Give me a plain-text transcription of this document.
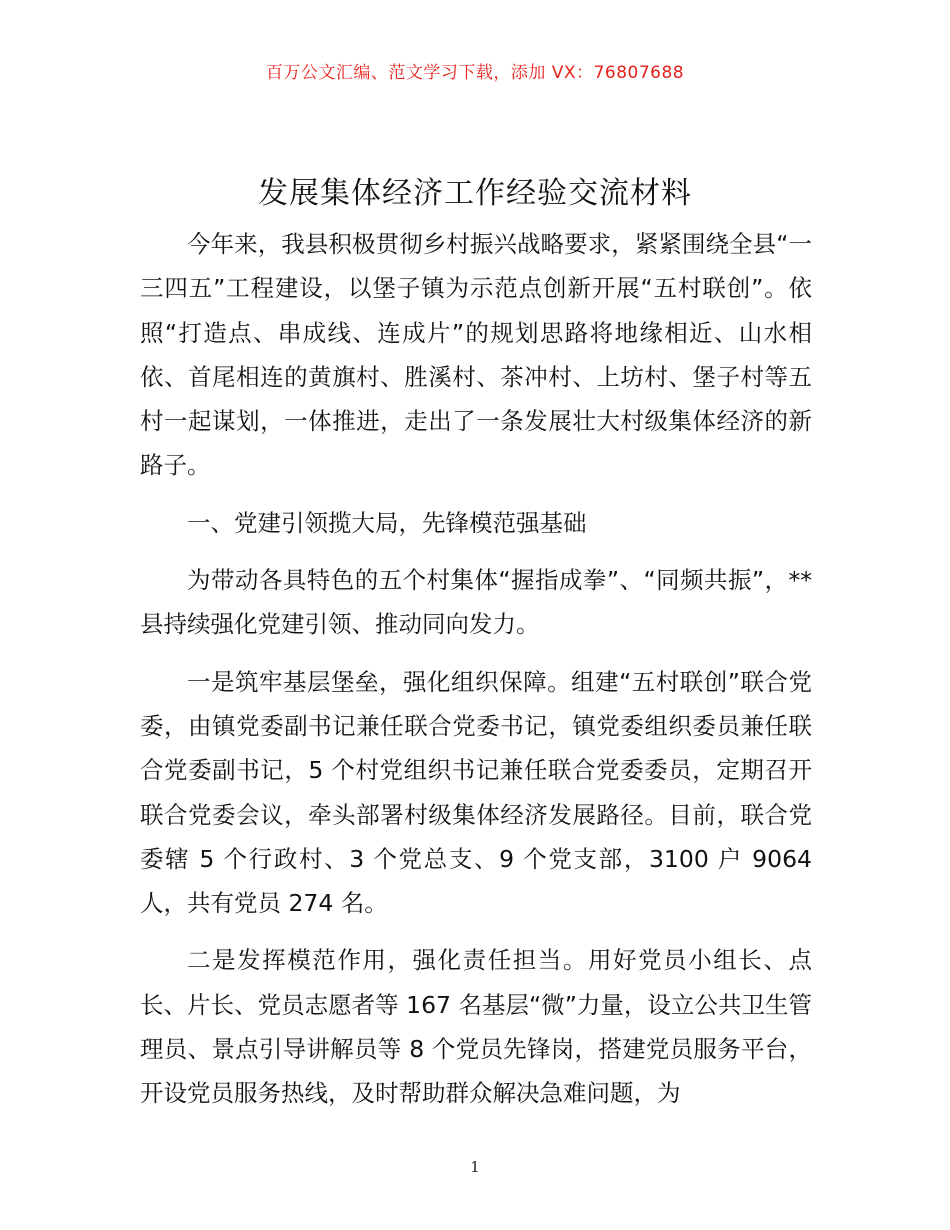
百万公文汇编、范文学习下载，添加 VX：76807688
发展集体经济工作经验交流材料

今年来，我县积极贯彻乡村振兴战略要求，紧紧围绕全县“一三四五”工程建设，以堡子镇为示范点创新开展“五村联创”。依照“打造点、串成线、连成片”的规划思路将地缘相近、山水相依、首尾相连的黄旗村、胜溪村、茶冲村、上坊村、堡子村等五村一起谋划，一体推进，走出了一条发展壮大村级集体经济的新路子。

一、党建引领揽大局，先锋模范强基础

为带动各具特色的五个村集体“握指成拳”、“同频共振”，**县持续强化党建引领、推动同向发力。

一是筑牢基层堡垒，强化组织保障。组建“五村联创”联合党委，由镇党委副书记兼任联合党委书记，镇党委组织委员兼任联合党委副书记，5 个村党组织书记兼任联合党委委员，定期召开联合党委会议，牵头部署村级集体经济发展路径。目前，联合党委辖 5 个行政村、3 个党总支、9 个党支部，3100 户 9064 人，共有党员 274 名。

二是发挥模范作用，强化责任担当。用好党员小组长、点长、片长、党员志愿者等 167 名基层“微”力量，设立公共卫生管理员、景点引导讲解员等 8 个党员先锋岗，搭建党员服务平台，开设党员服务热线，及时帮助群众解决急难问题，为

1
